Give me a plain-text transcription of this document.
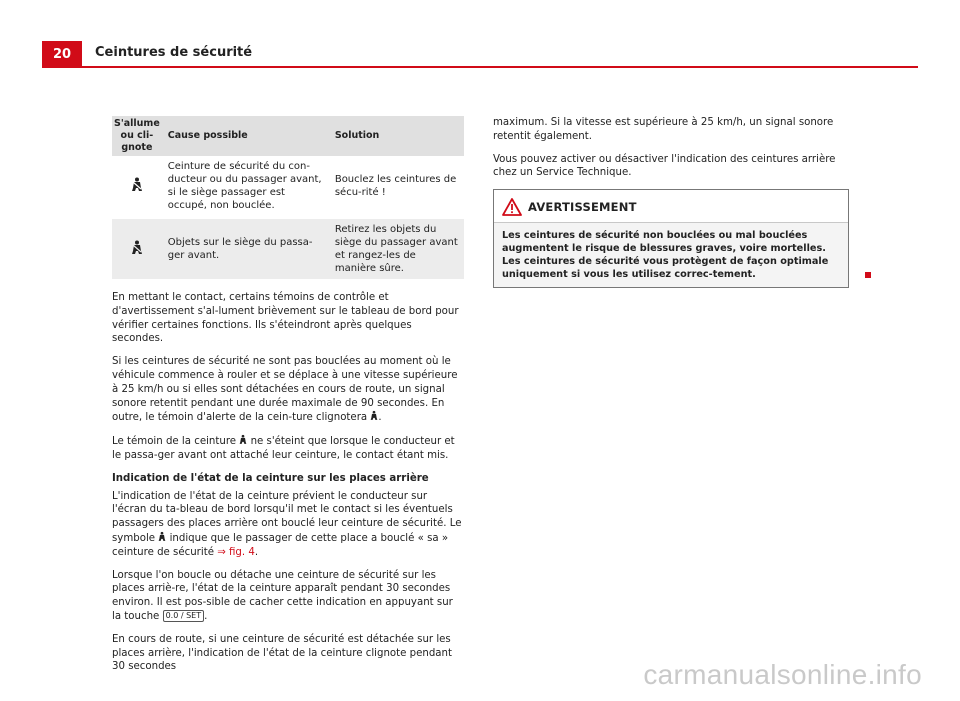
20	Ceintures de sécurité
S'allume ou cli-gnote	Cause possible	Solution
	Ceinture de sécurité du con-ducteur ou du passager avant, si le siège passager est occupé, non bouclée.	Bouclez les ceintures de sécu-rité !
	Objets sur le siège du passa-ger avant.	Retirez les objets du siège du passager avant et rangez-les de manière sûre.

En mettant le contact, certains témoins de contrôle et d'avertissement s'al-lument brièvement sur le tableau de bord pour vérifier certaines fonctions. Ils s'éteindront après quelques secondes.

Si les ceintures de sécurité ne sont pas bouclées au moment où le véhicule commence à rouler et se déplace à une vitesse supérieure à 25 km/h ou si elles sont détachées en cours de route, un signal sonore retentit pendant une durée maximale de 90 secondes. En outre, le témoin d'alerte de la cein-ture clignotera .

Le témoin de la ceinture ne s'éteint que lorsque le conducteur et le passa-ger avant ont attaché leur ceinture, le contact étant mis.

Indication de l'état de la ceinture sur les places arrière

L'indication de l'état de la ceinture prévient le conducteur sur l'écran du ta-bleau de bord lorsqu'il met le contact si les éventuels passagers des places arrière ont bouclé leur ceinture de sécurité. Le symbole indique que le passager de cette place a bouclé « sa » ceinture de sécurité ⇒ fig. 4.

Lorsque l'on boucle ou détache une ceinture de sécurité sur les places arriè-re, l'état de la ceinture apparaît pendant 30 secondes environ. Il est pos-sible de cacher cette indication en appuyant sur la touche 0.0 / SET .

En cours de route, si une ceinture de sécurité est détachée sur les places arrière, l'indication de l'état de la ceinture clignote pendant 30 secondes

maximum. Si la vitesse est supérieure à 25 km/h, un signal sonore retentit également.

Vous pouvez activer ou désactiver l'indication des ceintures arrière chez un Service Technique.

AVERTISSEMENT
Les ceintures de sécurité non bouclées ou mal bouclées augmentent le risque de blessures graves, voire mortelles. Les ceintures de sécurité vous protègent de façon optimale uniquement si vous les utilisez correc-tement.
carmanualsonline.info
